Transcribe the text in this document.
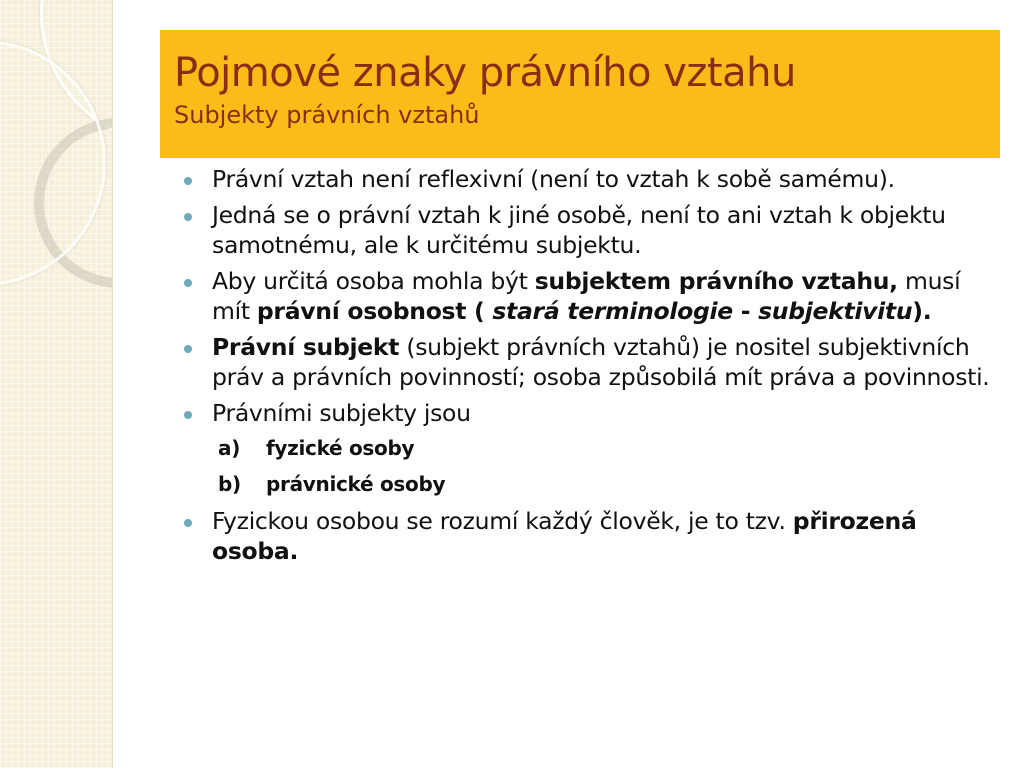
Pojmové znaky právního vztahu
Subjekty právních vztahů
Právní vztah není reflexivní (není to vztah k sobě samému).
Jedná se o právní vztah k jiné osobě, není to ani vztah k objektu samotnému, ale k určitému subjektu.
Aby určitá osoba mohla být subjektem právního vztahu, musí mít právní osobnost ( stará terminologie - subjektivitu).
Právní subjekt (subjekt právních vztahů) je nositel subjektivních práv a právních povinností; osoba způsobilá mít práva a povinnosti.
Právními subjekty jsou
a) fyzické osoby
b) právnické osoby
Fyzickou osobou se rozumí každý člověk, je to tzv. přirozená osoba.
